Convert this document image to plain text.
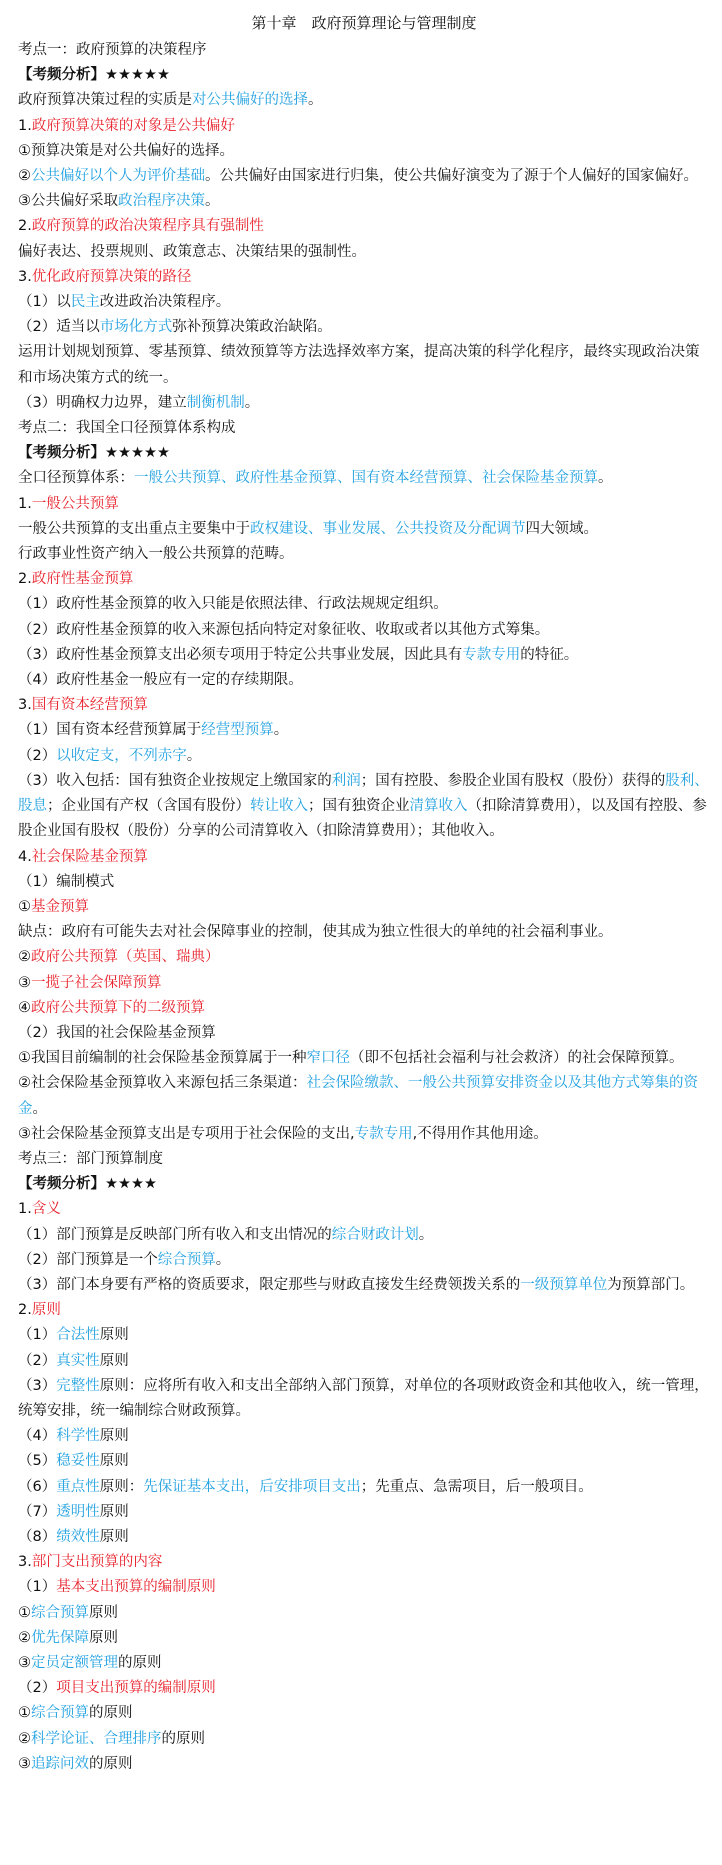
第十章　政府预算理论与管理制度
考点一：政府预算的决策程序
【考频分析】★★★★★
政府预算决策过程的实质是对公共偏好的选择。
1.政府预算决策的对象是公共偏好
①预算决策是对公共偏好的选择。
②公共偏好以个人为评价基础。公共偏好由国家进行归集，使公共偏好演变为了源于个人偏好的国家偏好。
③公共偏好采取政治程序决策。
2.政府预算的政治决策程序具有强制性
偏好表达、投票规则、政策意志、决策结果的强制性。
3.优化政府预算决策的路径
（1）以民主改进政治决策程序。
（2）适当以市场化方式弥补预算决策政治缺陷。
运用计划规划预算、零基预算、绩效预算等方法选择效率方案，提高决策的科学化程序，最终实现政治决策和市场决策方式的统一。
（3）明确权力边界，建立制衡机制。
考点二：我国全口径预算体系构成
【考频分析】★★★★★
全口径预算体系：一般公共预算、政府性基金预算、国有资本经营预算、社会保险基金预算。
1.一般公共预算
一般公共预算的支出重点主要集中于政权建设、事业发展、公共投资及分配调节四大领域。
行政事业性资产纳入一般公共预算的范畴。
2.政府性基金预算
（1）政府性基金预算的收入只能是依照法律、行政法规规定组织。
（2）政府性基金预算的收入来源包括向特定对象征收、收取或者以其他方式筹集。
（3）政府性基金预算支出必须专项用于特定公共事业发展，因此具有专款专用的特征。
（4）政府性基金一般应有一定的存续期限。
3.国有资本经营预算
（1）国有资本经营预算属于经营型预算。
（2）以收定支，不列赤字。
（3）收入包括：国有独资企业按规定上缴国家的利润；国有控股、参股企业国有股权（股份）获得的股利、股息；企业国有产权（含国有股份）转让收入；国有独资企业清算收入（扣除清算费用），以及国有控股、参股企业国有股权（股份）分享的公司清算收入（扣除清算费用）；其他收入。
4.社会保险基金预算
（1）编制模式
①基金预算
缺点：政府有可能失去对社会保障事业的控制，使其成为独立性很大的单纯的社会福利事业。
②政府公共预算（英国、瑞典）
③一揽子社会保障预算
④政府公共预算下的二级预算
（2）我国的社会保险基金预算
①我国目前编制的社会保险基金预算属于一种窄口径（即不包括社会福利与社会救济）的社会保障预算。
②社会保险基金预算收入来源包括三条渠道：社会保险缴款、一般公共预算安排资金以及其他方式筹集的资金。
③社会保险基金预算支出是专项用于社会保险的支出,专款专用,不得用作其他用途。
考点三：部门预算制度
【考频分析】★★★★
1.含义
（1）部门预算是反映部门所有收入和支出情况的综合财政计划。
（2）部门预算是一个综合预算。
（3）部门本身要有严格的资质要求，限定那些与财政直接发生经费领拨关系的一级预算单位为预算部门。
2.原则
（1）合法性原则
（2）真实性原则
（3）完整性原则：应将所有收入和支出全部纳入部门预算，对单位的各项财政资金和其他收入，统一管理，统筹安排，统一编制综合财政预算。
（4）科学性原则
（5）稳妥性原则
（6）重点性原则：先保证基本支出，后安排项目支出；先重点、急需项目，后一般项目。
（7）透明性原则
（8）绩效性原则
3.部门支出预算的内容
（1）基本支出预算的编制原则
①综合预算原则
②优先保障原则
③定员定额管理的原则
（2）项目支出预算的编制原则
①综合预算的原则
②科学论证、合理排序的原则
③追踪问效的原则
